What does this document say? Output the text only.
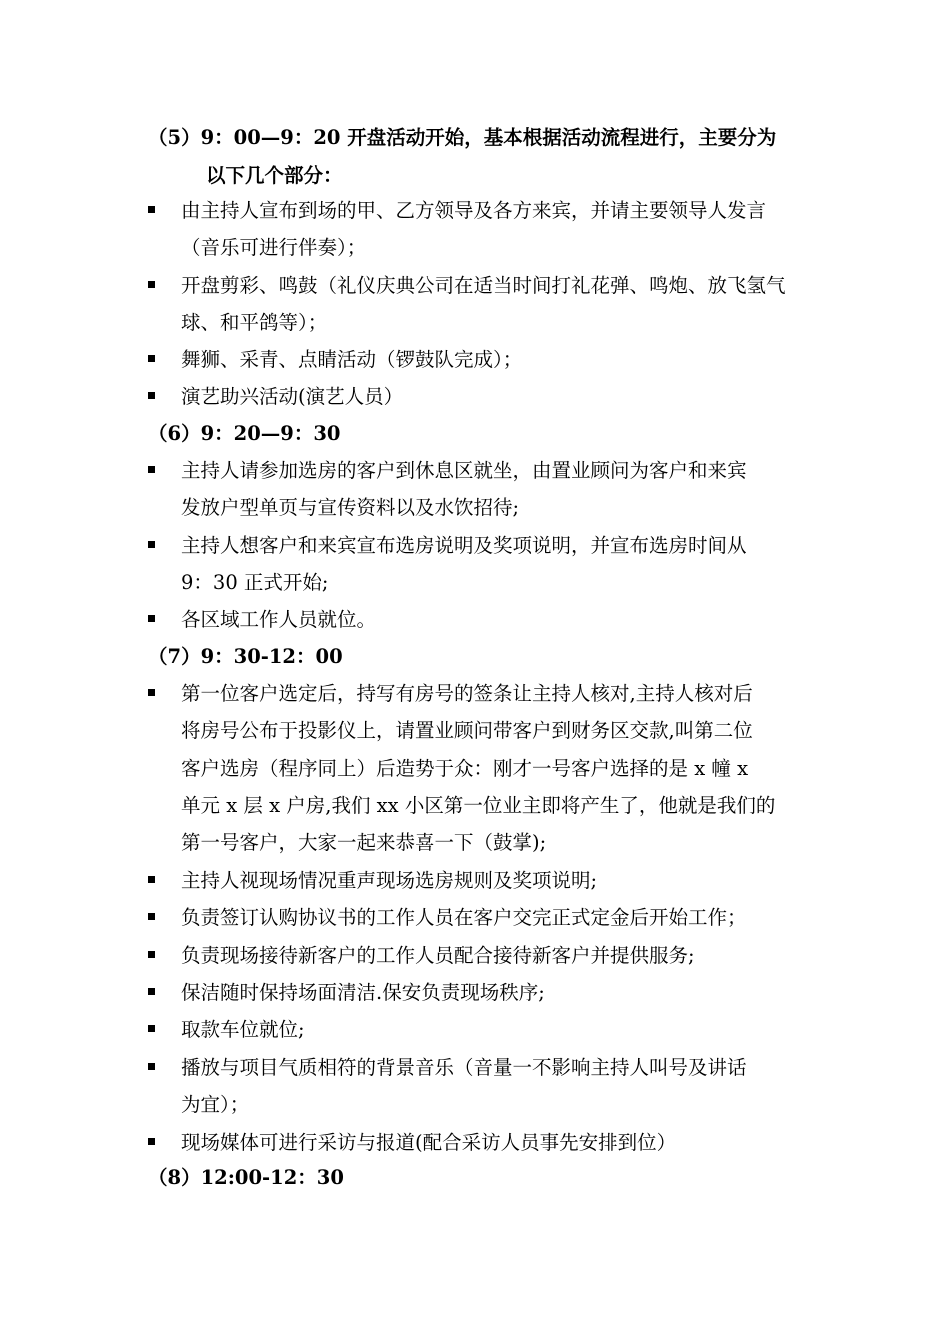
（5）9：00—9：20 开盘活动开始，基本根据活动流程进行，主要分为
以下几个部分：
由主持人宣布到场的甲、乙方领导及各方来宾，并请主要领导人发言
（音乐可进行伴奏）；
开盘剪彩、鸣鼓（礼仪庆典公司在适当时间打礼花弹、鸣炮、放飞氢气
球、和平鸽等）；
舞狮、采青、点睛活动（锣鼓队完成）；
演艺助兴活动(演艺人员）
（6）9：20—9：30
主持人请参加选房的客户到休息区就坐，由置业顾问为客户和来宾
发放户型单页与宣传资料以及水饮招待;
主持人想客户和来宾宣布选房说明及奖项说明，并宣布选房时间从
9：30 正式开始;
各区域工作人员就位。
（7）9：30-12：00
第一位客户选定后，持写有房号的签条让主持人核对,主持人核对后
将房号公布于投影仪上，请置业顾问带客户到财务区交款,叫第二位
客户选房（程序同上）后造势于众：刚才一号客户选择的是 x 幢 x
单元 x 层 x 户房,我们 xx 小区第一位业主即将产生了，他就是我们的
第一号客户，大家一起来恭喜一下（鼓掌);
主持人视现场情况重声现场选房规则及奖项说明;
负责签订认购协议书的工作人员在客户交完正式定金后开始工作；
负责现场接待新客户的工作人员配合接待新客户并提供服务;
保洁随时保持场面清洁.保安负责现场秩序;
取款车位就位;
播放与项目气质相符的背景音乐（音量一不影响主持人叫号及讲话
为宜）；
现场媒体可进行采访与报道(配合采访人员事先安排到位）
（8）12:00-12：30
